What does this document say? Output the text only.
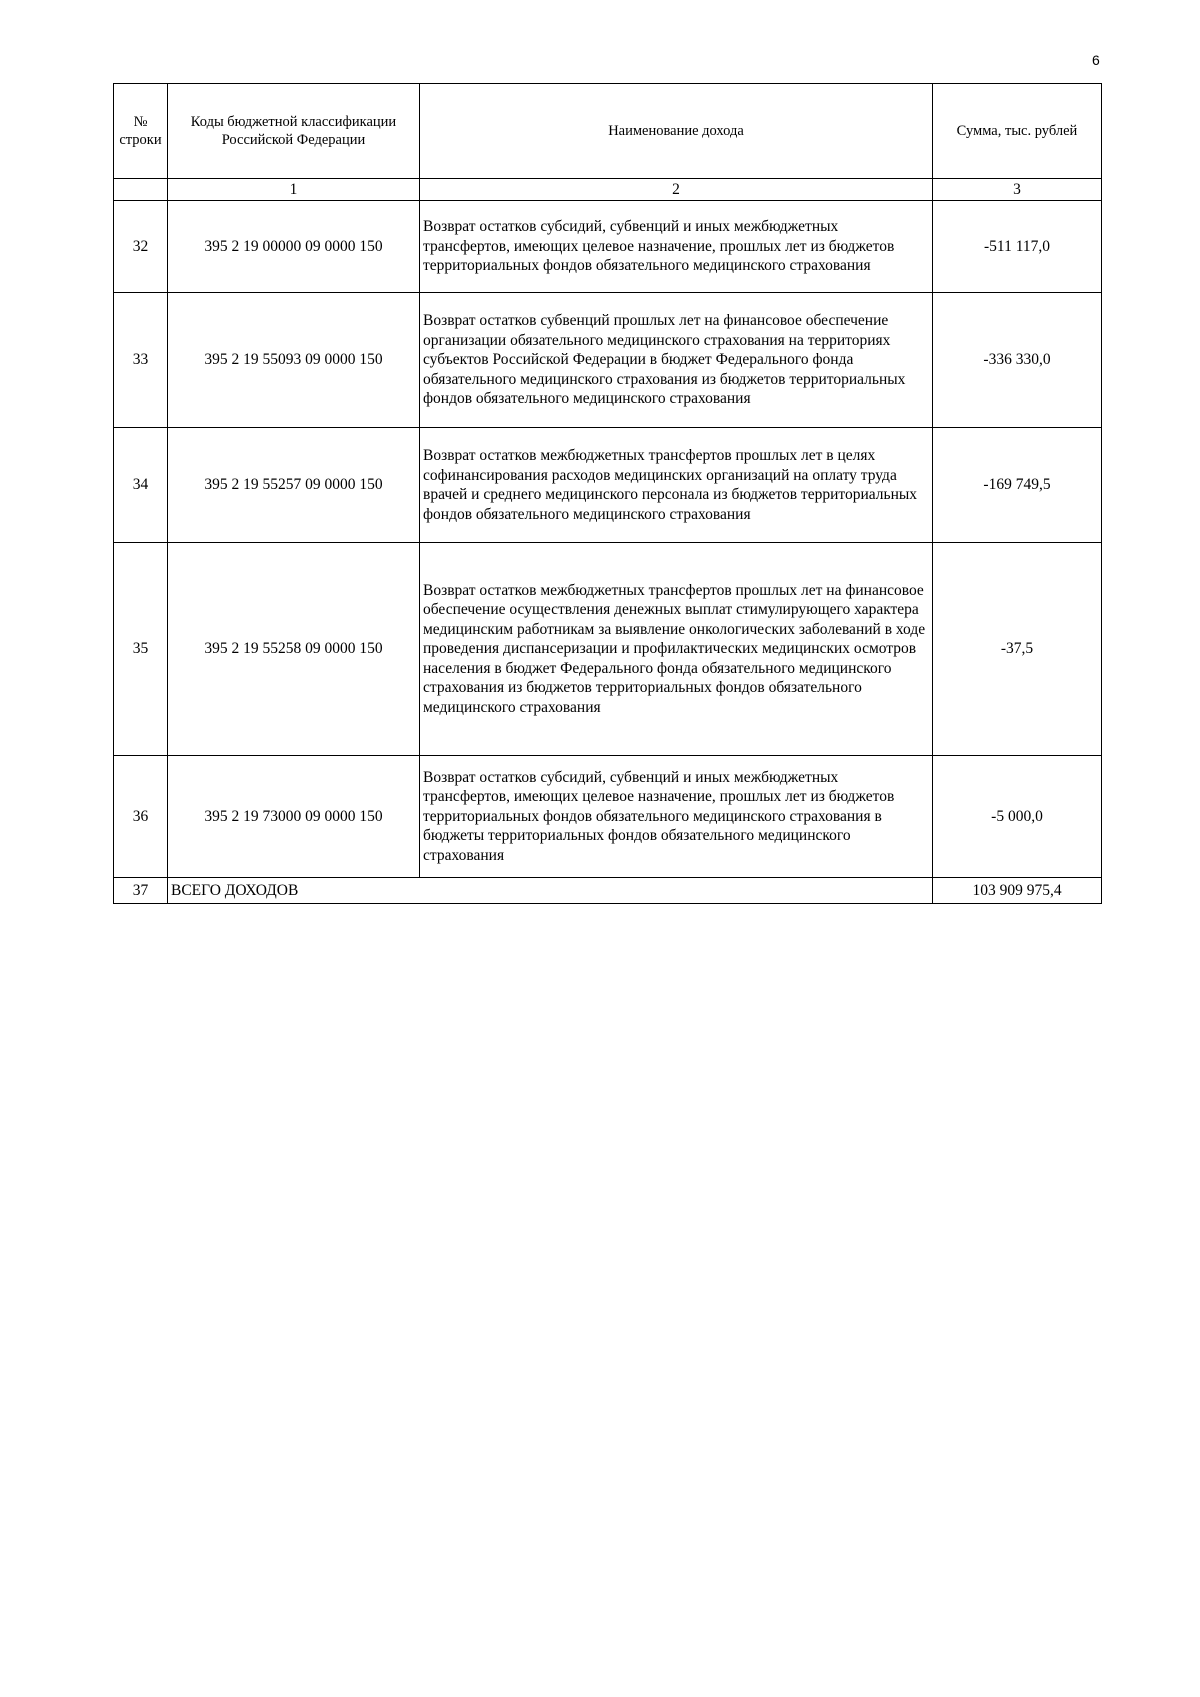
6
№ строки	Коды бюджетной классификации Российской Федерации	Наименование дохода	Сумма, тыс. рублей
	1	2	3
32	395 2 19 00000 09 0000 150	Возврат остатков субсидий, субвенций и иных межбюджетных трансфертов, имеющих целевое назначение, прошлых лет из бюджетов территориальных фондов обязательного медицинского страхования	-511 117,0
33	395 2 19 55093 09 0000 150	Возврат остатков субвенций прошлых лет на финансовое обеспечение организации обязательного медицинского страхования на территориях субъектов Российской Федерации в бюджет Федерального фонда обязательного медицинского страхования из бюджетов территориальных фондов обязательного медицинского страхования	-336 330,0
34	395 2 19 55257 09 0000 150	Возврат остатков межбюджетных трансфертов прошлых лет в целях софинансирования расходов медицинских организаций на оплату труда врачей и среднего медицинского персонала из бюджетов территориальных фондов обязательного медицинского страхования	-169 749,5
35	395 2 19 55258 09 0000 150	Возврат остатков межбюджетных трансфертов прошлых лет на финансовое обеспечение осуществления денежных выплат стимулирующего характера медицинским работникам за выявление онкологических заболеваний в ходе проведения диспансеризации и профилактических медицинских осмотров населения в бюджет Федерального фонда обязательного медицинского страхования из бюджетов территориальных фондов обязательного медицинского страхования	-37,5
36	395 2 19 73000 09 0000 150	Возврат остатков субсидий, субвенций и иных межбюджетных трансфертов, имеющих целевое назначение, прошлых лет из бюджетов территориальных фондов обязательного медицинского страхования в бюджеты территориальных фондов обязательного медицинского страхования	-5 000,0
37	ВСЕГО ДОХОДОВ		103 909 975,4
